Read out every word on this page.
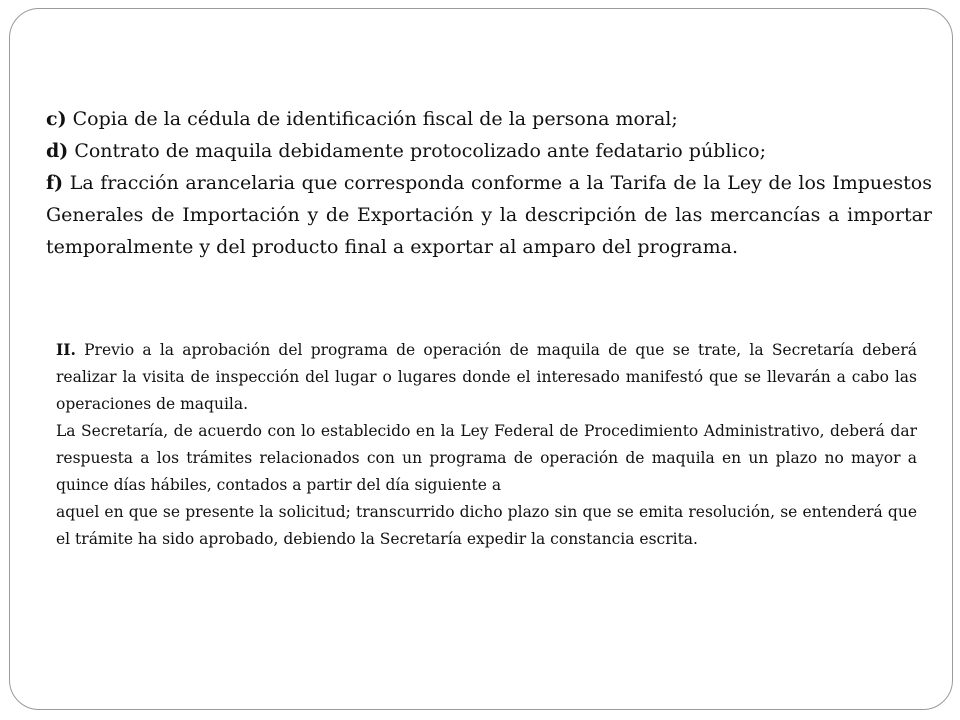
c) Copia de la cédula de identificación fiscal de la persona moral;

d) Contrato de maquila debidamente protocolizado ante fedatario público;

f) La fracción arancelaria que corresponda conforme a la Tarifa de la Ley de los Impuestos Generales de Importación y de Exportación y la descripción de las mercancías a importar temporalmente y del producto final a exportar al amparo del programa.

II. Previo a la aprobación del programa de operación de maquila de que se trate, la Secretaría deberá realizar la visita de inspección del lugar o lugares donde el interesado manifestó que se llevarán a cabo las operaciones de maquila.

La Secretaría, de acuerdo con lo establecido en la Ley Federal de Procedimiento Administrativo, deberá dar respuesta a los trámites relacionados con un programa de operación de maquila en un plazo no mayor a quince días hábiles, contados a partir del día siguiente a

aquel en que se presente la solicitud; transcurrido dicho plazo sin que se emita resolución, se entenderá que el trámite ha sido aprobado, debiendo la Secretaría expedir la constancia escrita.
